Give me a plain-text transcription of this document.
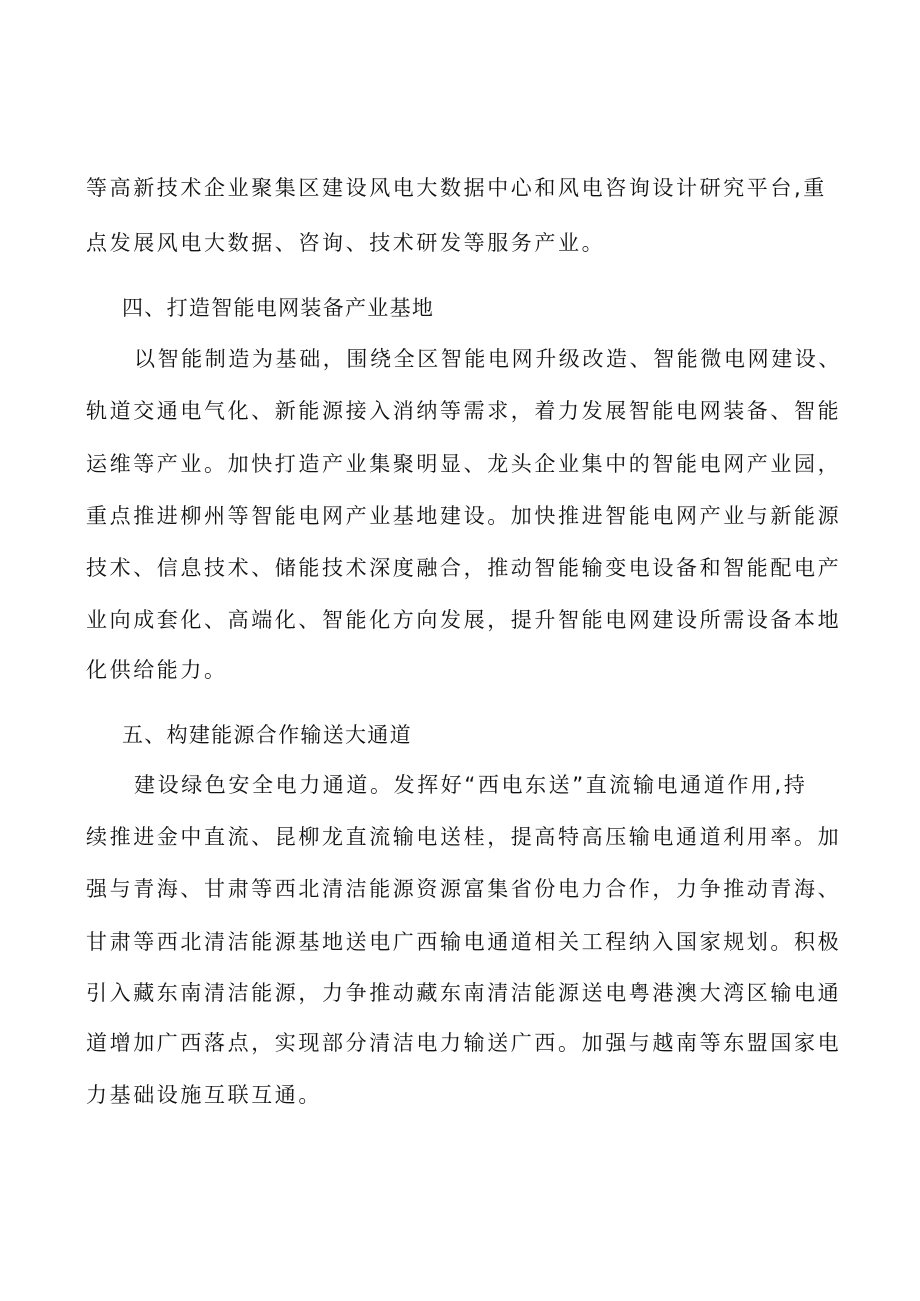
等高新技术企业聚集区建设风电大数据中心和风电咨询设计研究平台,重
点发展风电大数据、咨询、技术研发等服务产业。
四、打造智能电网装备产业基地
以智能制造为基础，围绕全区智能电网升级改造、智能微电网建设、
轨道交通电气化、新能源接入消纳等需求，着力发展智能电网装备、智能
运维等产业。加快打造产业集聚明显、龙头企业集中的智能电网产业园，
重点推进柳州等智能电网产业基地建设。加快推进智能电网产业与新能源
技术、信息技术、储能技术深度融合，推动智能输变电设备和智能配电产
业向成套化、高端化、智能化方向发展，提升智能电网建设所需设备本地
化供给能力。
五、构建能源合作输送大通道
建设绿色安全电力通道。发挥好“西电东送”直流输电通道作用,持
续推进金中直流、昆柳龙直流输电送桂，提高特高压输电通道利用率。加
强与青海、甘肃等西北清洁能源资源富集省份电力合作，力争推动青海、
甘肃等西北清洁能源基地送电广西输电通道相关工程纳入国家规划。积极
引入藏东南清洁能源，力争推动藏东南清洁能源送电粤港澳大湾区输电通
道增加广西落点，实现部分清洁电力输送广西。加强与越南等东盟国家电
力基础设施互联互通。
